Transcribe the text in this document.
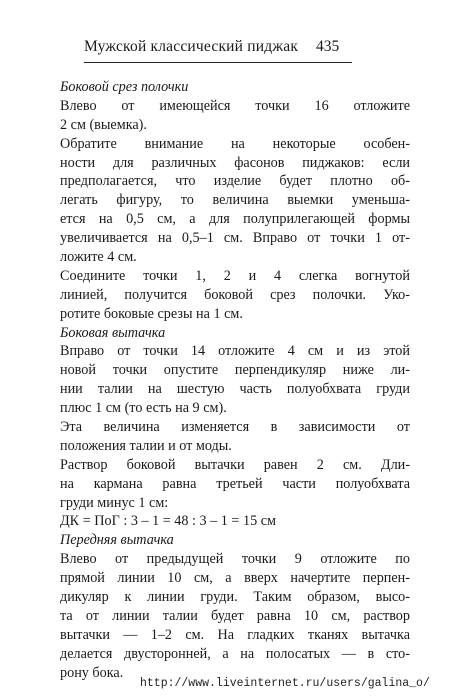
Мужской классический пиджак 435
Боковой срез полочки
Влево от имеющейся точки 16 отложите
2 см (выемка).
Обратите внимание на некоторые особен-
ности для различных фасонов пиджаков: если
предполагается, что изделие будет плотно об-
легать фигуру, то величина выемки уменьша-
ется на 0,5 см, а для полуприлегающей формы
увеличивается на 0,5–1 см. Вправо от точки 1 от-
ложите 4 см.
Соедините точки 1, 2 и 4 слегка вогнутой
линией, получится боковой срез полочки. Уко-
ротите боковые срезы на 1 см.
Боковая вытачка
Вправо от точки 14 отложите 4 см и из этой
новой точки опустите перпендикуляр ниже ли-
нии талии на шестую часть полуобхвата груди
плюс 1 см (то есть на 9 см).
Эта величина изменяется в зависимости от
положения талии и от моды.
Раствор боковой вытачки равен 2 см. Дли-
на кармана равна третьей части полуобхвата
груди минус 1 см:
ДК = ПоГ : 3 – 1 = 48 : 3 – 1 = 15 см
Передняя вытачка
Влево от предыдущей точки 9 отложите по
прямой линии 10 см, а вверх начертите перпен-
дикуляр к линии груди. Таким образом, высо-
та от линии талии будет равна 10 см, раствор
вытачки — 1–2 см. На гладких тканях вытачка
делается двусторонней, а на полосатых — в сто-
рону бока.
http://www.liveinternet.ru/users/galina_o/
